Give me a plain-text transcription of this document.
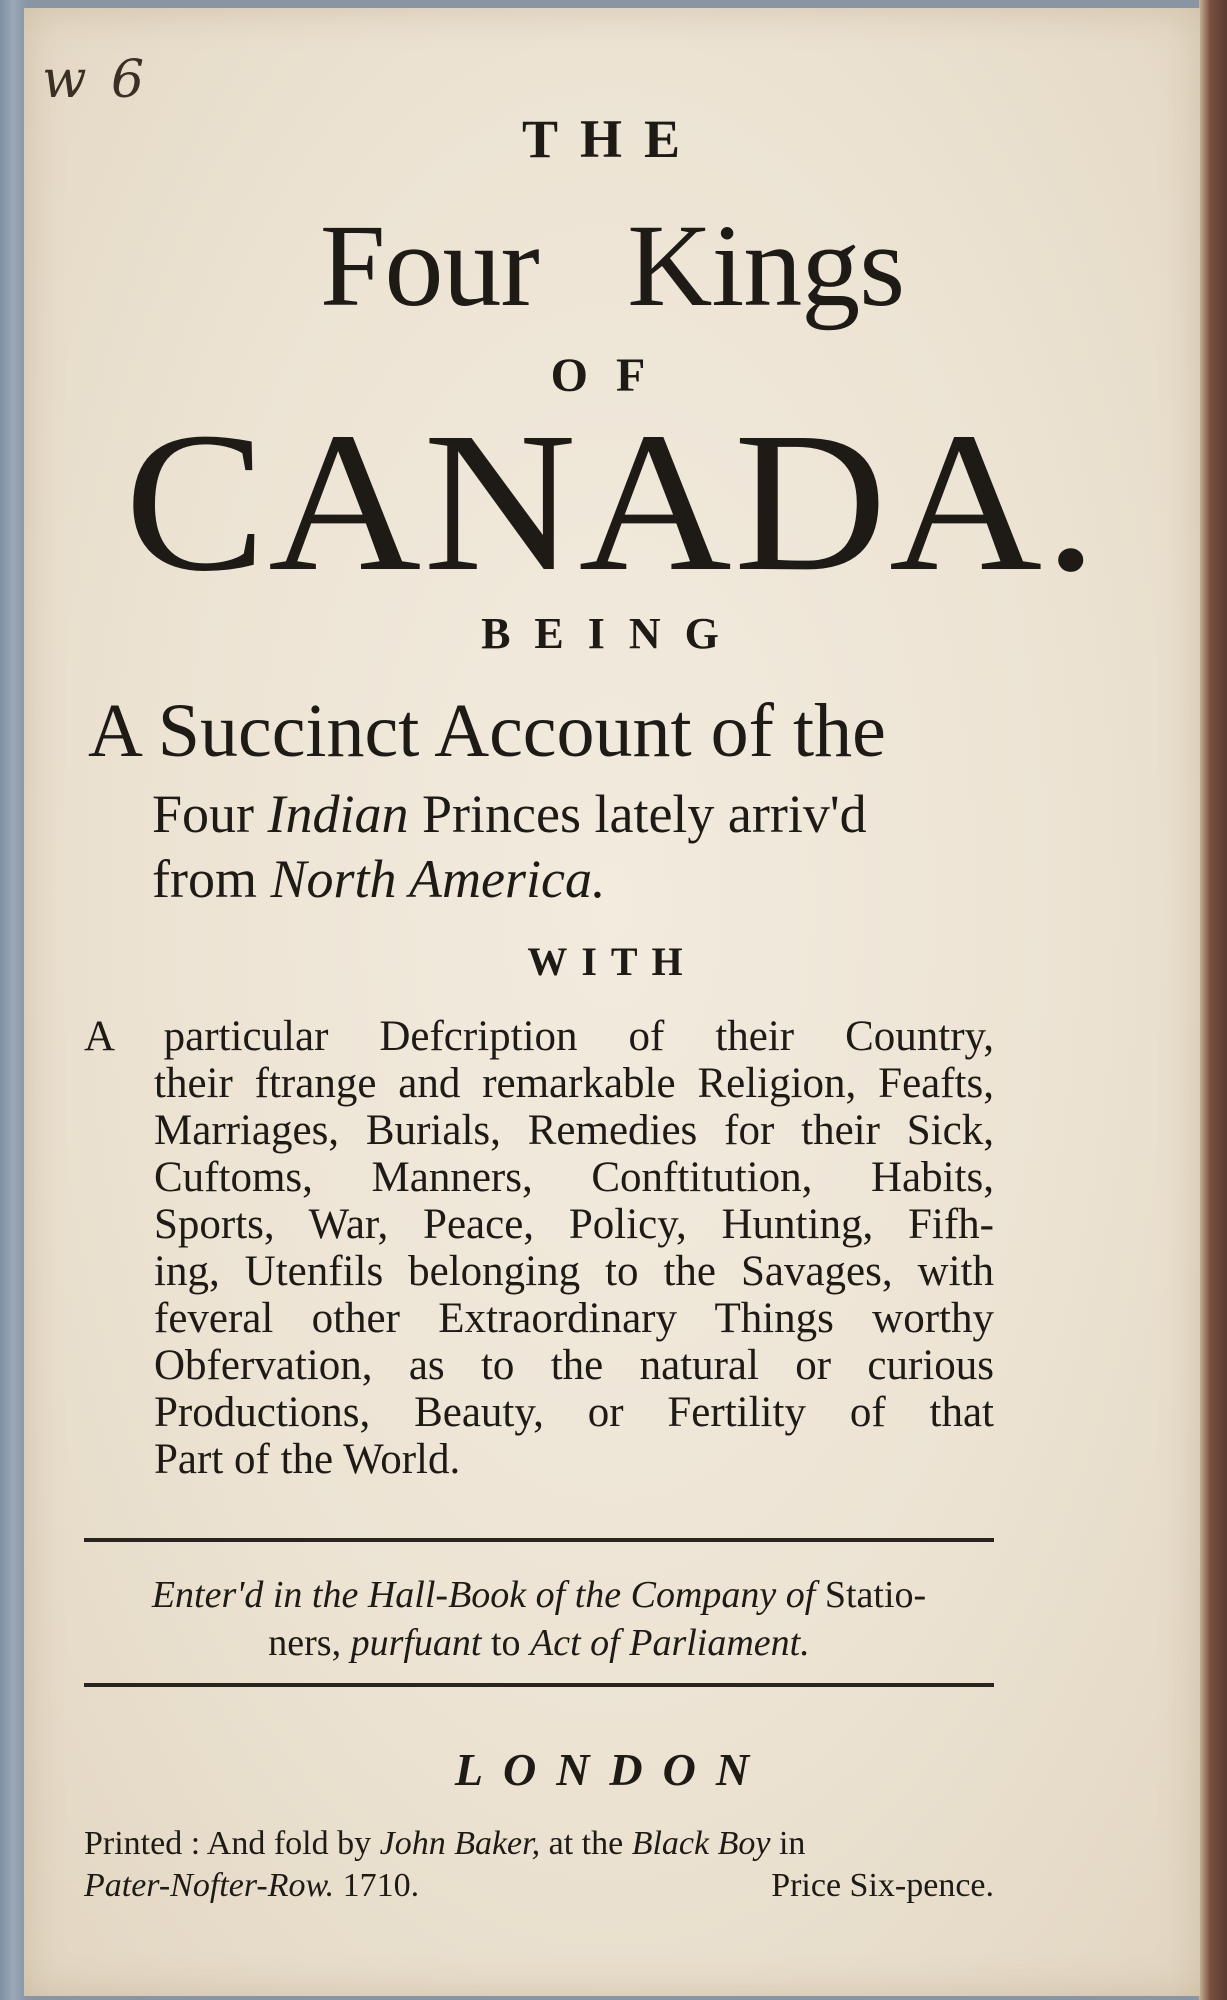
w 6
THE
Four Kings
OF
CANADA.
BEING
A Succinct Account of the
Four Indian Princes lately arriv'd
from North America.
WITH
A particular Defcription of their Country,
their ftrange and remarkable Religion, Feafts,
Marriages, Burials, Remedies for their Sick,
Cuftoms, Manners, Conftitution, Habits,
Sports, War, Peace, Policy, Hunting, Fifh-
ing, Utenfils belonging to the Savages, with
feveral other Extraordinary Things worthy
Obfervation, as to the natural or curious
Productions, Beauty, or Fertility of that
Part of the World.
Enter'd in the Hall-Book of the Company of Statio-
ners, purfuant to Act of Parliament.
LONDON
Printed : And fold by John Baker, at the Black Boy in
Pater-Nofter-Row. 1710.	Price Six-pence.
